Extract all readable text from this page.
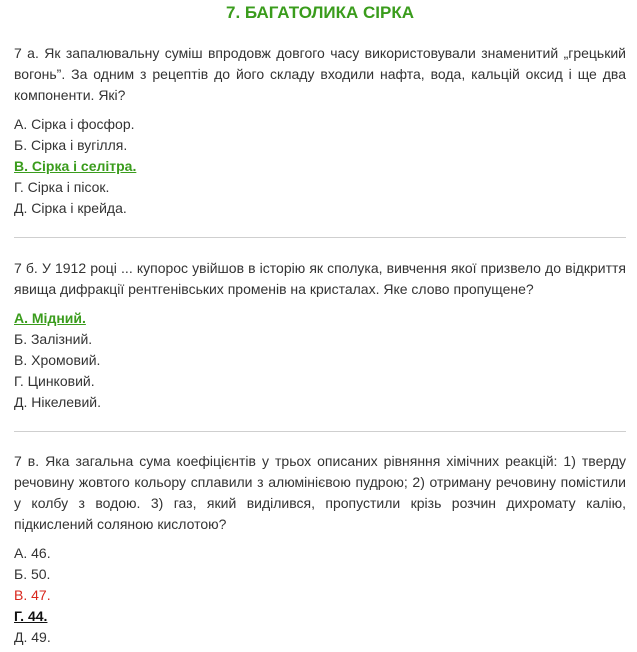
7. БАГАТОЛИКА СІРКА

7 а. Як запалювальну суміш впродовж довгого часу використовували знаменитий „грецький вогонь”. За одним з рецептів до його складу входили нафта, вода, кальцій оксид і ще два компоненти. Які?

А. Сірка і фосфор.
Б. Сірка і вугілля.
В. Сірка і селітра.
Г. Сірка і пісок.
Д. Сірка і крейда.

7 б. У 1912 році ... купорос увійшов в історію як сполука, вивчення якої призвело до відкриття явища дифракції рентгенівських променів на кристалах. Яке слово пропущене?

А. Мідний.
Б. Залізний.
В. Хромовий.
Г. Цинковий.
Д. Нікелевий.

7 в. Яка загальна сума коефіцієнтів у трьох описаних рівняння хімічних реакцій: 1) тверду речовину жовтого кольору сплавили з алюмінієвою пудрою; 2) отриману речовину помістили у колбу з водою. 3) газ, який виділився, пропустили крізь розчин дихромату калію, підкислений соляною кислотою?

А. 46.
Б. 50.
В. 47.
Г. 44.
Д. 49.
